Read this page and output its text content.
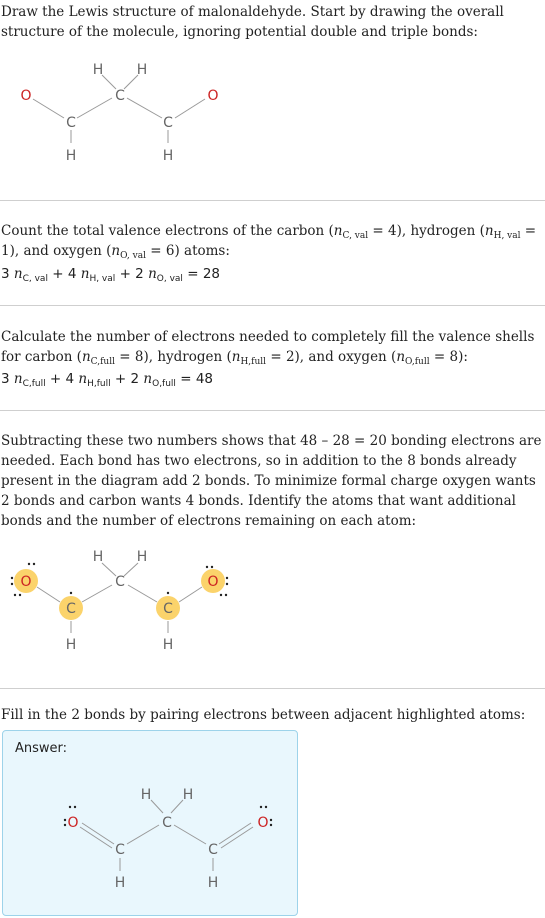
Draw the Lewis structure of malonaldehyde. Start by drawing the overall structure of the molecule, ignoring potential double and triple bonds:

O
C
C
C
O
H H
H	H

Count the total valence electrons of the carbon $(n_{C, val} = 4)$, hydrogen $(n_{H, val} = 1)$, and oxygen $(n_{O, val} = 6)$ atoms:

3 $n_{C, val} + 4$ $n_{H, val} + 2$ $n_{O, val} = 28$

Calculate the number of electrons needed to completely fill the valence shells for carbon $(n_{C,full} = 8)$, hydrogen $(n_{H,full} = 2)$, and oxygen $(n_{O,full} = 8)$:

3 $n_{C,full} + 4$ $n_{H,full} + 2$ $n_{O,full} = 48$

Subtracting these two numbers shows that 48 – 28 = 20 bonding electrons are needed. Each bond has two electrons, so in addition to the 8 bonds already present in the diagram add 2 bonds. To minimize formal charge oxygen wants 2 bonds and carbon wants 4 bonds. Identify the atoms that want additional bonds and the number of electrons remaining on each atom:

O
C
C
C
O
H H
H	H

Fill in the 2 bonds by pairing electrons between adjacent highlighted atoms:

Answer:
O
C
C
C
O
H H
H	H
